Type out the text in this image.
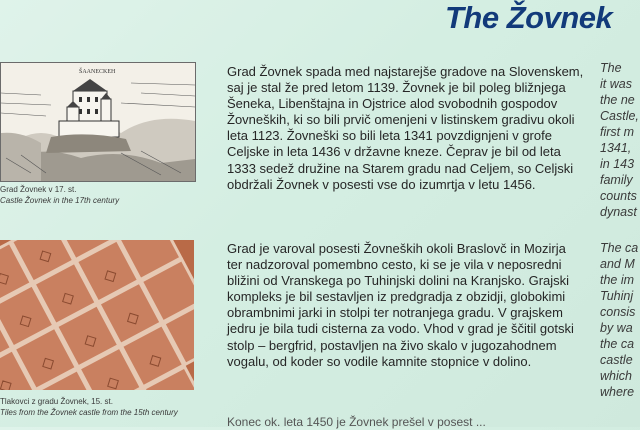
ŠAANECKEH
Grad Žovnek v 17. st.
Castle Žovnek in the 17th century
Tlakovci z gradu Žovnek, 15. st.
Tiles from the Žovnek castle from the 15th century
The Žovnek
Grad Žovnek spada med najstarejše gradove na Slovenskem,
saj je stal že pred letom 1139. Žovnek je bil poleg bližnjega
Šeneka, Libenštajna in Ojstrice alod svobodnih gospodov
Žovneških, ki so bili prvič omenjeni v listinskem gradivu okoli
leta 1123. Žovneški so bili leta 1341 povzdignjeni v grofe
Celjske in leta 1436 v državne kneze. Čeprav je bil od leta
1333 sedež družine na Starem gradu nad Celjem, so Celjski
obdržali Žovnek v posesti vse do izumrtja v letu 1456.
Grad je varoval posesti Žovneških okoli Braslovč in Mozirja
ter nadzoroval pomembno cesto, ki se je vila v neposredni
bližini od Vranskega po Tuhinjski dolini na Kranjsko. Grajski
kompleks je bil sestavljen iz predgradja z obzidji, globokimi
obrambnimi jarki in stolpi ter notranjega gradu. V grajskem
jedru je bila tudi cisterna za vodo. Vhod v grad je ščitil gotski
stolp – bergfrid, postavljen na živo skalo v jugozahodnem
vogalu, od koder so vodile kamnite stopnice v dolino.
Konec ok. leta 1450 je Žovnek prešel v posest ...
The
it was
the ne
Castle,
first m
1341,
in 143
family
counts
dynast
The ca
and M
the im
Tuhinj
consis
by wa
the ca
castle
which
where
